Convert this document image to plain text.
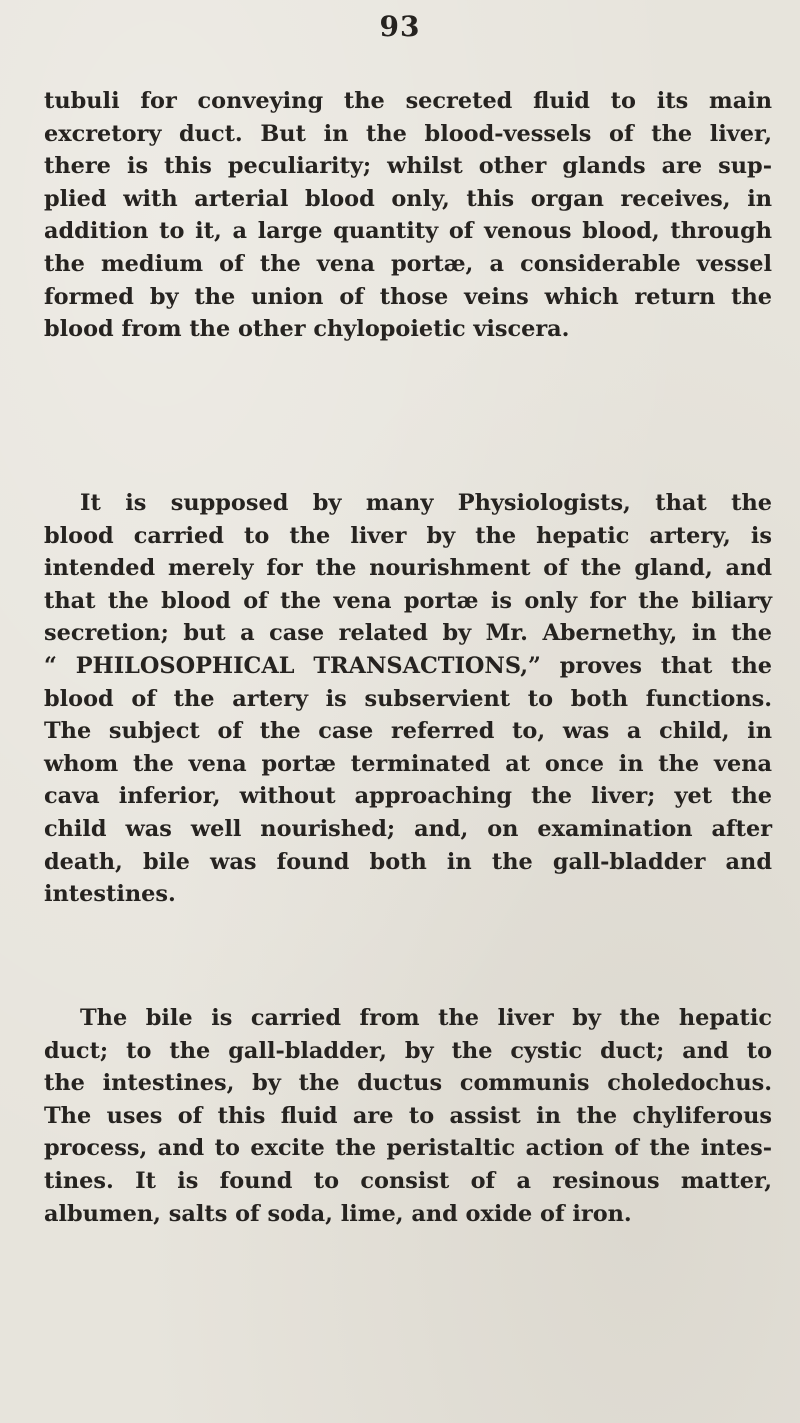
93
tubuli for conveying the secreted fluid to its main
excretory duct. But in the blood-vessels of the liver,
there is this peculiarity; whilst other glands are sup-
plied with arterial blood only, this organ receives, in
addition to it, a large quantity of venous blood, through
the medium of the vena portæ, a considerable vessel
formed by the union of those veins which return the
blood from the other chylopoietic viscera.
It is supposed by many Physiologists, that the
blood carried to the liver by the hepatic artery, is
intended merely for the nourishment of the gland, and
that the blood of the vena portæ is only for the biliary
secretion; but a case related by Mr. Abernethy, in the
“ PHILOSOPHICAL TRANSACTIONS,” proves that the
blood of the artery is subservient to both functions.
The subject of the case referred to, was a child, in
whom the vena portæ terminated at once in the vena
cava inferior, without approaching the liver; yet the
child was well nourished; and, on examination after
death, bile was found both in the gall-bladder and
intestines.
The bile is carried from the liver by the hepatic
duct; to the gall-bladder, by the cystic duct; and to
the intestines, by the ductus communis choledochus.
The uses of this fluid are to assist in the chyliferous
process, and to excite the peristaltic action of the intes-
tines. It is found to consist of a resinous matter,
albumen, salts of soda, lime, and oxide of iron.
